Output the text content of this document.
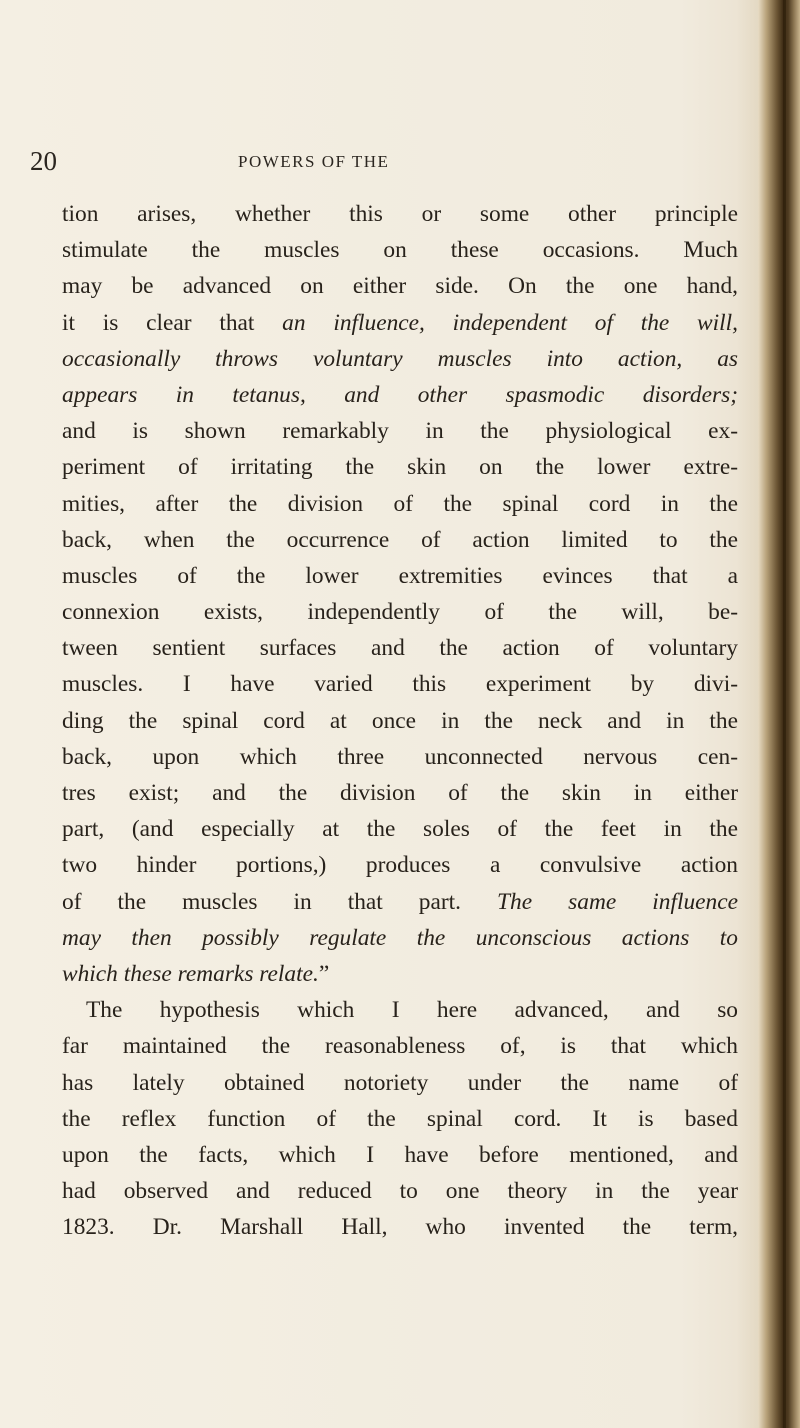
20	POWERS OF THE
tion arises, whether this or some other principle
stimulate the muscles on these occasions. Much
may be advanced on either side. On the one hand,
it is clear that an influence, independent of the will,
occasionally throws voluntary muscles into action, as
appears in tetanus, and other spasmodic disorders;
and is shown remarkably in the physiological ex-
periment of irritating the skin on the lower extre-
mities, after the division of the spinal cord in the
back, when the occurrence of action limited to the
muscles of the lower extremities evinces that a
connexion exists, independently of the will, be-
tween sentient surfaces and the action of voluntary
muscles. I have varied this experiment by divi-
ding the spinal cord at once in the neck and in the
back, upon which three unconnected nervous cen-
tres exist; and the division of the skin in either
part, (and especially at the soles of the feet in the
two hinder portions,) produces a convulsive action
of the muscles in that part. The same influence
may then possibly regulate the unconscious actions to
which these remarks relate.”
The hypothesis which I here advanced, and so
far maintained the reasonableness of, is that which
has lately obtained notoriety under the name of
the reflex function of the spinal cord. It is based
upon the facts, which I have before mentioned, and
had observed and reduced to one theory in the year
1823. Dr. Marshall Hall, who invented the term,
